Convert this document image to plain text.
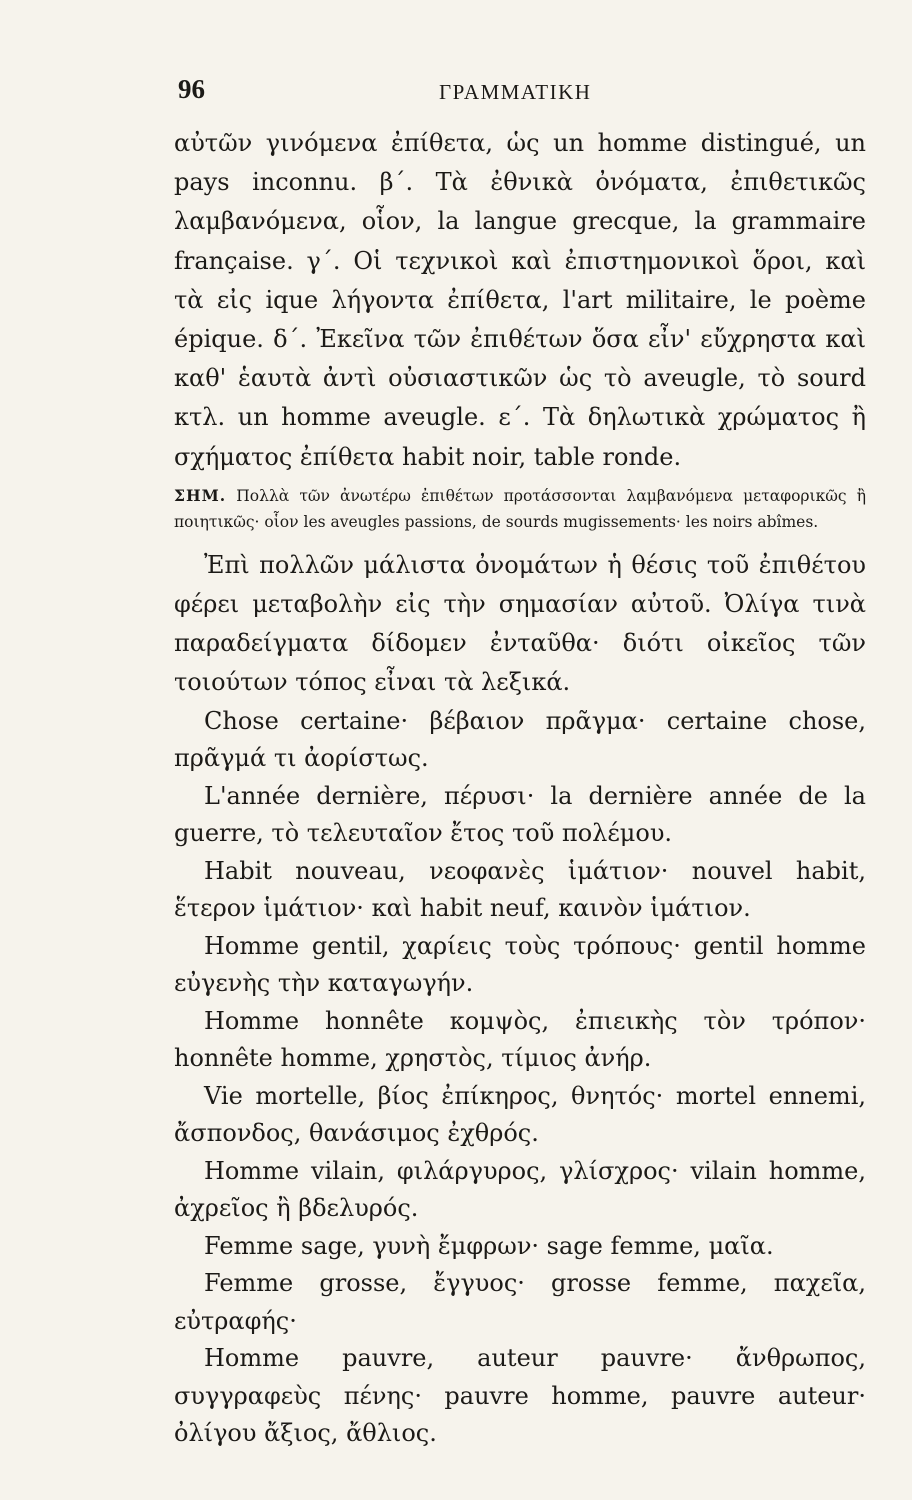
96	ΓΡΑΜΜΑΤΙΚΗ

αὐτῶν γινόμενα ἐπίθετα, ὡς un homme distingué, un pays inconnu. β΄. Τὰ ἐθνικὰ ὀνόματα, ἐπιθετικῶς λαμβανόμενα, οἷον, la langue grecque, la grammaire française. γ΄. Οἱ τεχνικοὶ καὶ ἐπιστημονικοὶ ὅροι, καὶ τὰ εἰς ique λήγοντα ἐπίθετα, l'art militaire, le poème épique. δ΄. Ἐκεῖνα τῶν ἐπιθέτων ὅσα εἶν' εὔχρηστα καὶ καθ' ἑαυτὰ ἀντὶ οὐσιαστικῶν ὡς τὸ aveugle, τὸ sourd κτλ. un homme aveugle. ε΄. Τὰ δηλωτικὰ χρώματος ἢ σχήματος ἐπίθετα habit noir, table ronde.

ΣΗΜ. Πολλὰ τῶν ἀνωτέρω ἐπιθέτων προτάσσονται λαμβανόμενα μεταφορικῶς ἢ ποιητικῶς· οἷον les aveugles passions, de sourds mugissements· les noirs abîmes.

Ἐπὶ πολλῶν μάλιστα ὀνομάτων ἡ θέσις τοῦ ἐπιθέτου φέρει μεταβολὴν εἰς τὴν σημασίαν αὐτοῦ. Ὀλίγα τινὰ παραδείγματα δίδομεν ἐνταῦθα· διότι οἰκεῖος τῶν τοιούτων τόπος εἶναι τὰ λεξικά.

Chose certaine· βέβαιον πρᾶγμα· certaine chose, πρᾶγμά τι ἀορίστως.

L'année dernière, πέρυσι· la dernière année de la guerre, τὸ τελευταῖον ἔτος τοῦ πολέμου.

Habit nouveau, νεοφανὲς ἱμάτιον· nouvel habit, ἕτερον ἱμάτιον· καὶ habit neuf, καινὸν ἱμάτιον.

Homme gentil, χαρίεις τοὺς τρόπους· gentil homme εὐγενὴς τὴν καταγωγήν.

Homme honnête κομψὸς, ἐπιεικὴς τὸν τρόπον· honnête homme, χρηστὸς, τίμιος ἀνήρ.

Vie mortelle, βίος ἐπίκηρος, θνητός· mortel ennemi, ἄσπονδος, θανάσιμος ἐχθρός.

Homme vilain, φιλάργυρος, γλίσχρος· vilain homme, ἀχρεῖος ἢ βδελυρός.

Femme sage, γυνὴ ἔμφρων· sage femme, μαῖα.

Femme grosse, ἔγγυος· grosse femme, παχεῖα, εὐτραφής·

Homme pauvre, auteur pauvre· ἄνθρωπος, συγγραφεὺς πένης· pauvre homme, pauvre auteur· ὀλίγου ἄξιος, ἄθλιος.
